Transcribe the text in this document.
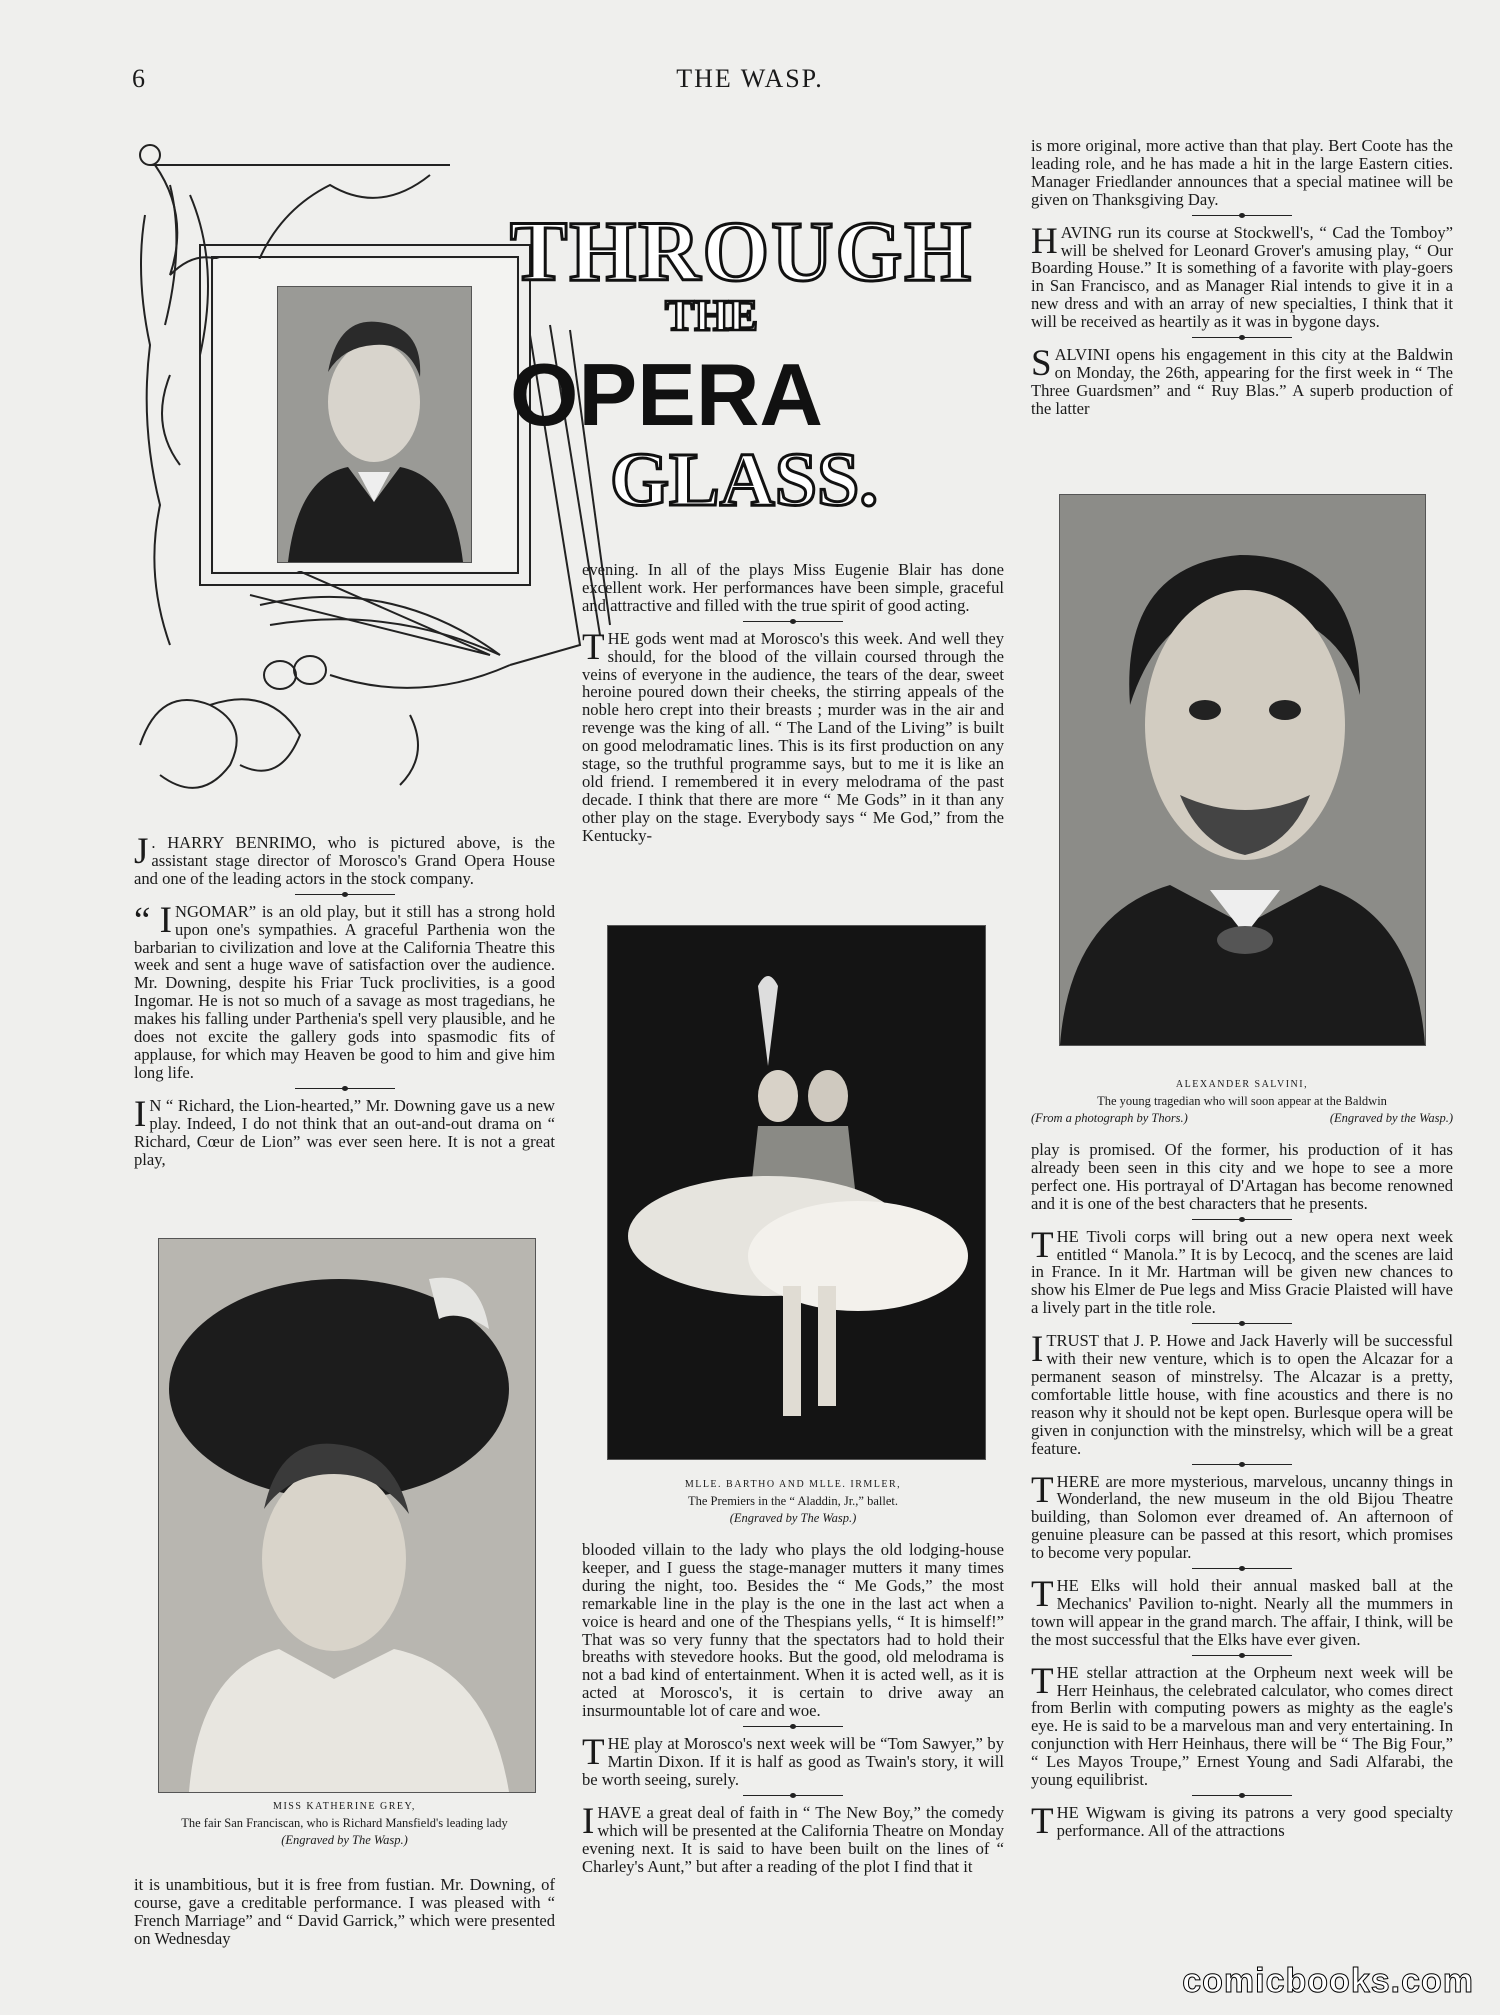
6	THE WASP.
THROUGH
THE
OPERA
GLASS.

J . HARRY BENRIMO, who is pictured above, is the assistant stage director of Morosco's Grand Opera House and one of the leading actors in the stock company.

“ I NGOMAR” is an old play, but it still has a strong hold upon one's sympathies. A graceful Parthenia won the barbarian to civilization and love at the California Theatre this week and sent a huge wave of satisfaction over the audience. Mr. Downing, despite his Friar Tuck proclivities, is a good Ingomar. He is not so much of a savage as most tragedians, he makes his falling under Parthenia's spell very plausible, and he does not excite the gallery gods into spasmodic fits of applause, for which may Heaven be good to him and give him long life.

I N “ Richard, the Lion-hearted,” Mr. Downing gave us a new play. Indeed, I do not think that an out-and-out drama on “ Richard, Cœur de Lion” was ever seen here. It is not a great play,

MISS KATHERINE GREY,
The fair San Franciscan, who is Richard Mansfield's leading lady
(Engraved by The Wasp.)

it is unambitious, but it is free from fustian. Mr. Downing, of course, gave a creditable performance. I was pleased with “ French Marriage” and “ David Garrick,” which were presented on Wednesday

evening. In all of the plays Miss Eugenie Blair has done excellent work. Her performances have been simple, graceful and attractive and filled with the true spirit of good acting.

THE gods went mad at Morosco's this week. And well they should, for the blood of the villain coursed through the veins of everyone in the audience, the tears of the dear, sweet heroine poured down their cheeks, the stirring appeals of the noble hero crept into their breasts ; murder was in the air and revenge was the king of all. “ The Land of the Living” is built on good melodramatic lines. This is its first production on any stage, so the truthful programme says, but to me it is like an old friend. I remembered it in every melodrama of the past decade. I think that there are more “ Me Gods” in it than any other play on the stage. Everybody says “ Me God,” from the Kentucky-

MLLE. BARTHO AND MLLE. IRMLER,
The Premiers in the “ Aladdin, Jr.,” ballet.
(Engraved by The Wasp.)

blooded villain to the lady who plays the old lodging-house keeper, and I guess the stage-manager mutters it many times during the night, too. Besides the “ Me Gods,” the most remarkable line in the play is the one in the last act when a voice is heard and one of the Thespians yells, “ It is himself!” That was so very funny that the spectators had to hold their breaths with stevedore hooks. But the good, old melodrama is not a bad kind of entertainment. When it is acted well, as it is acted at Morosco's, it is certain to drive away an insurmountable lot of care and woe.

THE play at Morosco's next week will be “Tom Sawyer,” by Martin Dixon. If it is half as good as Twain's story, it will be worth seeing, surely.

IHAVE a great deal of faith in “ The New Boy,” the comedy which will be presented at the California Theatre on Monday evening next. It is said to have been built on the lines of “ Charley's Aunt,” but after a reading of the plot I find that it

is more original, more active than that play. Bert Coote has the leading role, and he has made a hit in the large Eastern cities. Manager Friedlander announces that a special matinee will be given on Thanksgiving Day.

HAVING run its course at Stockwell's, “ Cad the Tomboy” will be shelved for Leonard Grover's amusing play, “ Our Boarding House.” It is something of a favorite with play-goers in San Francisco, and as Manager Rial intends to give it in a new dress and with an array of new specialties, I think that it will be received as heartily as it was in bygone days.

SALVINI opens his engagement in this city at the Baldwin on Monday, the 26th, appearing for the first week in “ The Three Guardsmen” and “ Ruy Blas.” A superb production of the latter

ALEXANDER SALVINI,
The young tragedian who will soon appear at the Baldwin
(From a photograph by Thors.)	(Engraved by the Wasp.)

play is promised. Of the former, his production of it has already been seen in this city and we hope to see a more perfect one. His portrayal of D'Artagan has become renowned and it is one of the best characters that he presents.

THE Tivoli corps will bring out a new opera next week entitled “ Manola.” It is by Lecocq, and the scenes are laid in France. In it Mr. Hartman will be given new chances to show his Elmer de Pue legs and Miss Gracie Plaisted will have a lively part in the title role.

ITRUST that J. P. Howe and Jack Haverly will be successful with their new venture, which is to open the Alcazar for a permanent season of minstrelsy. The Alcazar is a pretty, comfortable little house, with fine acoustics and there is no reason why it should not be kept open. Burlesque opera will be given in conjunction with the minstrelsy, which will be a great feature.

THERE are more mysterious, marvelous, uncanny things in Wonderland, the new museum in the old Bijou Theatre building, than Solomon ever dreamed of. An afternoon of genuine pleasure can be passed at this resort, which promises to become very popular.

THE Elks will hold their annual masked ball at the Mechanics' Pavilion to-night. Nearly all the mummers in town will appear in the grand march. The affair, I think, will be the most successful that the Elks have ever given.

THE stellar attraction at the Orpheum next week will be Herr Heinhaus, the celebrated calculator, who comes direct from Berlin with computing powers as mighty as the eagle's eye. He is said to be a marvelous man and very entertaining. In conjunction with Herr Heinhaus, there will be “ The Big Four,” “ Les Mayos Troupe,” Ernest Young and Sadi Alfarabi, the young equilibrist.

THE Wigwam is giving its patrons a very good specialty performance. All of the attractions

comicbooks.com
